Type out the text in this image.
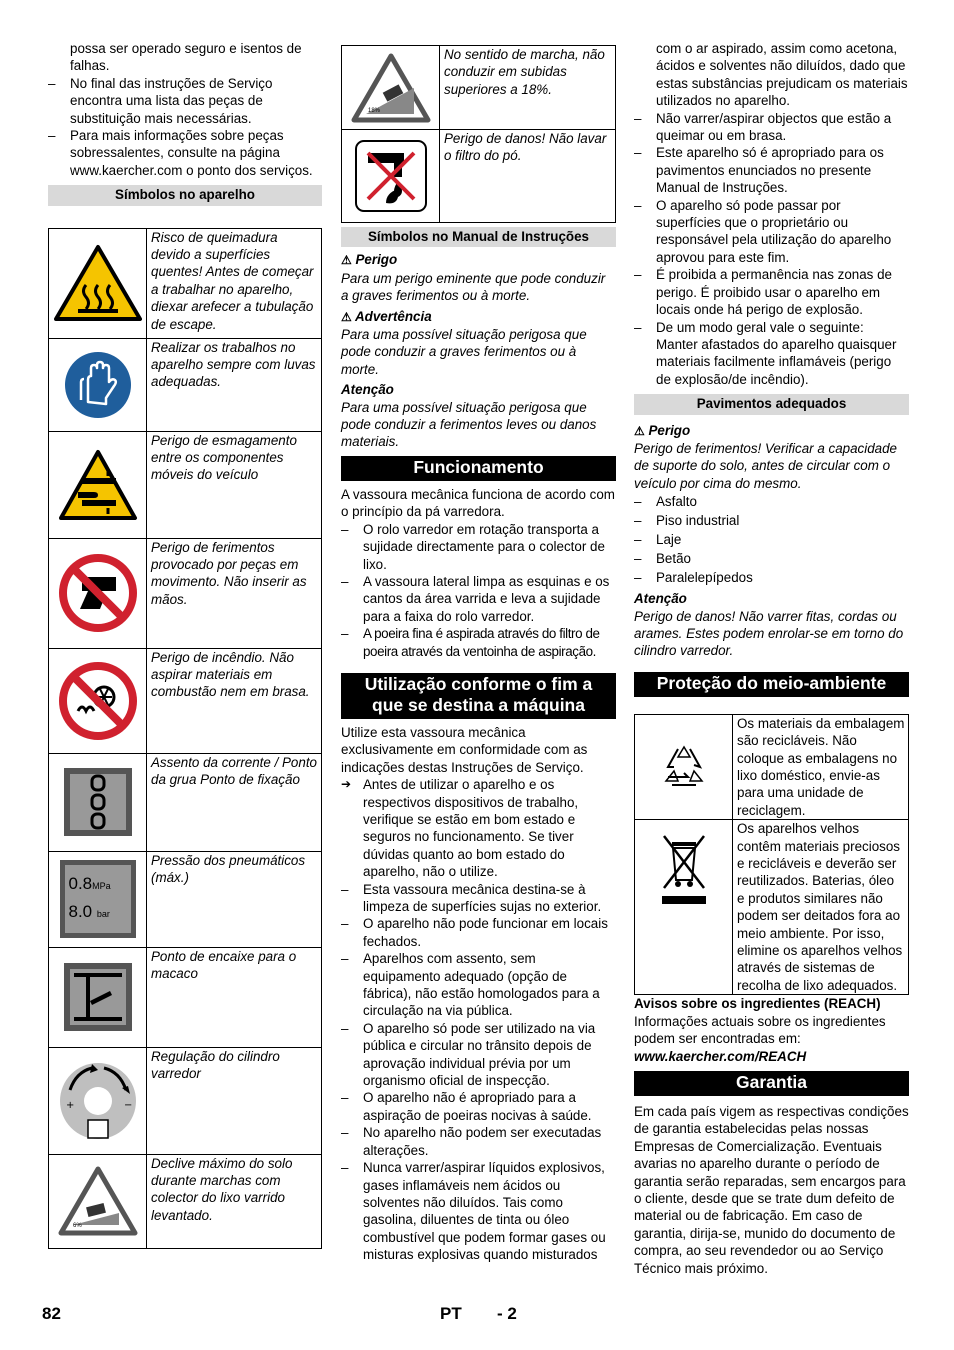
possa ser operado seguro e isentos de falhas.

– No final das instruções de Serviço encontra uma lista das peças de substituição mais necessárias.

– Para mais informações sobre peças sobressalentes, consulte na página www.kaercher.com o ponto dos serviços.

Símbolos no aparelho
	Risco de queimadura devido a superfícies quentes! Antes de começar a trabalhar no aparelho, diexar arefecer a tubulação de escape.

	Realizar os trabalhos no aparelho sempre com luvas adequadas.

	Perigo de esmagamento entre os componentes móveis do veículo

	Perigo de ferimentos provocado por peças em movimento. Não inserir as mãos.

	Perigo de incêndio. Não aspirar materiais em combustão nem em brasa.

	Assento da corrente / Ponto da grua Ponto de fixação

0.8MPa
8.0 bar	Pressão dos pneumáticos (máx.)

	Ponto de encaixe para o macaco

+ −	Regulação do cilindro varredor

6%	Declive máximo do solo durante marchas com colector do lixo varrido levantado.
18%	No sentido de marcha, não conduzir em subidas superiores a 18%.

	Perigo de danos! Não lavar o filtro do pó.
Símbolos no Manual de Instruções

⚠ Perigo

Para um perigo eminente que pode conduzir a graves ferimentos ou à morte.

⚠ Advertência

Para uma possível situação perigosa que pode conduzir a graves ferimentos ou à morte.

Atenção

Para uma possível situação perigosa que pode conduzir a ferimentos leves ou danos materiais.

Funcionamento

A vassoura mecânica funciona de acordo com o princípio da pá varredora.

– O rolo varredor em rotação transporta a sujidade directamente para o colector de lixo.

– A vassoura lateral limpa as esquinas e os cantos da área varrida e leva a sujidade para a faixa do rolo varredor.

– A poeira fina é aspirada através do filtro de poeira através da ventoinha de aspiração.

Utilização conforme o fim a que se destina a máquina

Utilize esta vassoura mecânica exclusivamente em conformidade com as indicações destas Instruções de Serviço.

➔ Antes de utilizar o aparelho e os respectivos dispositivos de trabalho, verifique se estão em bom estado e seguros no funcionamento. Se tiver dúvidas quanto ao bom estado do aparelho, não o utilize.

– Esta vassoura mecânica destina-se à limpeza de superfícies sujas no exterior.

– O aparelho não pode funcionar em locais fechados.

– Aparelhos com assento, sem equipamento adequado (opção de fábrica), não estão homologados para a circulação na via pública.

– O aparelho só pode ser utilizado na via pública e circular no trânsito depois de aprovação individual prévia por um organismo oficial de inspecção.

– O aparelho não é apropriado para a aspiração de poeiras nocivas à saúde.

– No aparelho não podem ser executadas alterações.

– Nunca varrer/aspirar líquidos explosivos, gases inflamáveis nem ácidos ou solventes não diluídos. Tais como gasolina, diluentes de tinta ou óleo combustível que podem formar gases ou misturas explosivas quando misturados

com o ar aspirado, assim como acetona, ácidos e solventes não diluídos, dado que estas substâncias prejudicam os materiais utilizados no aparelho.

– Não varrer/aspirar objectos que estão a queimar ou em brasa.

– Este aparelho só é apropriado para os pavimentos enunciados no presente Manual de Instruções.

– O aparelho só pode passar por superfícies que o proprietário ou responsável pela utilização do aparelho aprovou para este fim.

– É proibida a permanência nas zonas de perigo. É proibido usar o aparelho em locais onde há perigo de explosão.

– De um modo geral vale o seguinte: Manter afastados do aparelho quaisquer materiais facilmente inflamáveis (perigo de explosão/de incêndio).

Pavimentos adequados

⚠ Perigo

Perigo de ferimentos! Verificar a capacidade de suporte do solo, antes de circular com o veículo por cima do mesmo.

– Asfalto

– Piso industrial

– Laje

– Betão

– Paralelepípedos

Atenção

Perigo de danos! Não varrer fitas, cordas ou arames. Estes podem enrolar-se em torno do cilindro varredor.

Proteção do meio-ambiente
	Os materiais da embalagem são recicláveis. Não coloque as embalagens no lixo doméstico, envie-as para uma unidade de reciclagem.

	Os aparelhos velhos contêm materiais preciosos e recicláveis e deverão ser reutilizados. Baterias, óleo e produtos similares não podem ser deitados fora ao meio ambiente. Por isso, elimine os aparelhos velhos através de sistemas de recolha de lixo adequados.

Avisos sobre os ingredientes (REACH)

Informações actuais sobre os ingredientes podem ser encontradas em:

www.kaercher.com/REACH

Garantia

Em cada país vigem as respectivas condições de garantia estabelecidas pelas nossas Empresas de Comercialização. Eventuais avarias no aparelho durante o período de garantia serão reparadas, sem encargos para o cliente, desde que se trate dum defeito de material ou de fabricação. Em caso de garantia, dirija-se, munido do documento de compra, ao seu revendedor ou ao Serviço Técnico mais próximo.

82	PT - 2
